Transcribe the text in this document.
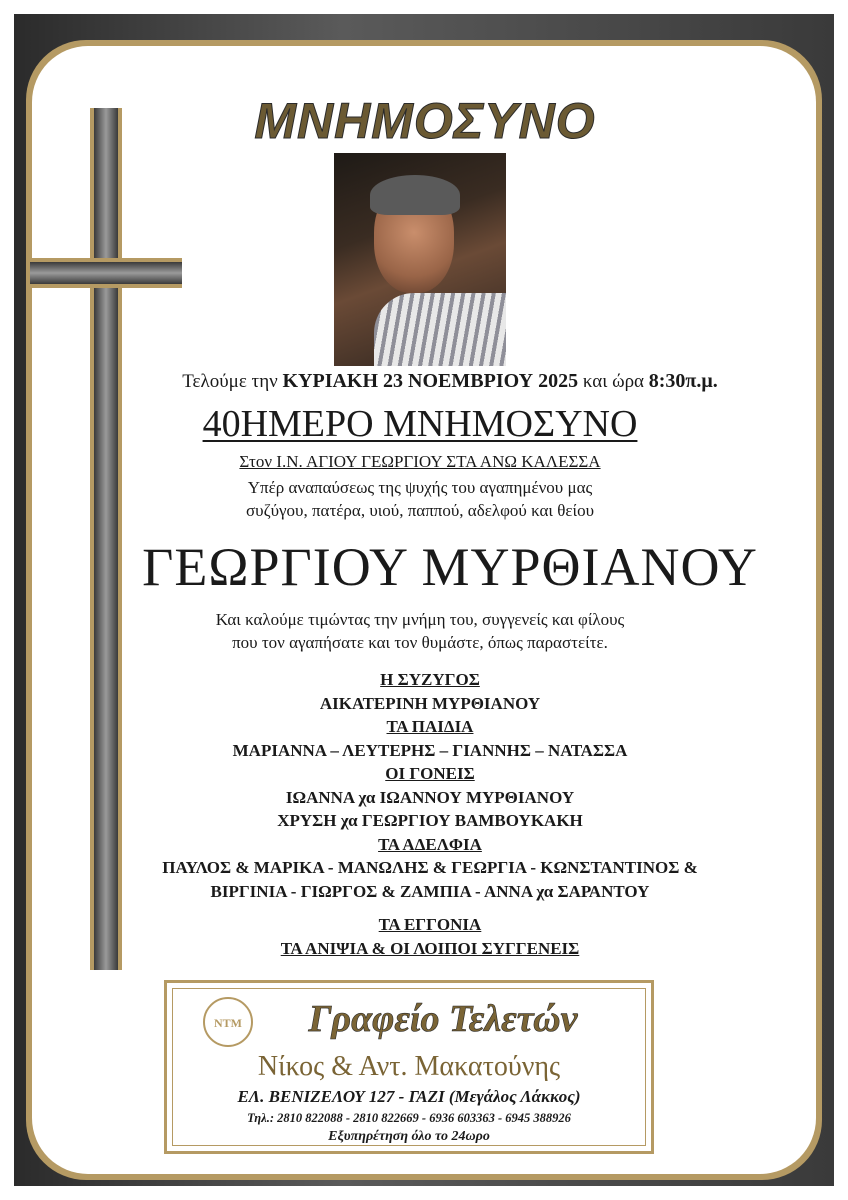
ΜΝΗΜΟΣΥΝΟ
Τελούμε την ΚΥΡΙΑΚΗ 23 ΝΟΕΜΒΡΙΟΥ 2025 και ώρα 8:30π.μ.
40ΗΜΕΡΟ ΜΝΗΜΟΣΥΝΟ
Στον Ι.Ν. ΑΓΙΟΥ ΓΕΩΡΓΙΟΥ ΣΤΑ ΑΝΩ ΚΑΛΕΣΣΑ
Υπέρ αναπαύσεως της ψυχής του αγαπημένου μας
συζύγου, πατέρα, υιού, παππού, αδελφού και θείου
ΓΕΩΡΓΙΟΥ ΜΥΡΘΙΑΝΟΥ
Και καλούμε τιμώντας την μνήμη του, συγγενείς και φίλους
που τον αγαπήσατε και τον θυμάστε, όπως παραστείτε.
Η ΣΥΖΥΓΟΣ
ΑΙΚΑΤΕΡΙΝΗ ΜΥΡΘΙΑΝΟΥ
ΤΑ ΠΑΙΔΙΑ
ΜΑΡΙΑΝΝΑ – ΛΕΥΤΕΡΗΣ – ΓΙΑΝΝΗΣ – ΝΑΤΑΣΣΑ
ΟΙ ΓΟΝΕΙΣ
ΙΩΑΝΝΑ χα ΙΩΑΝΝΟΥ ΜΥΡΘΙΑΝΟΥ
ΧΡΥΣΗ χα ΓΕΩΡΓΙΟΥ ΒΑΜΒΟΥΚΑΚΗ
ΤΑ ΑΔΕΛΦΙΑ
ΠΑΥΛΟΣ & ΜΑΡΙΚΑ - ΜΑΝΩΛΗΣ & ΓΕΩΡΓΙΑ - ΚΩΝΣΤΑΝΤΙΝΟΣ &
ΒΙΡΓΙΝΙΑ - ΓΙΩΡΓΟΣ & ΖΑΜΠΙΑ - ΑΝΝΑ χα ΣΑΡΑΝΤΟΥ
ΤΑ ΕΓΓΟΝΙΑ
ΤΑ ΑΝΙΨΙΑ & ΟΙ ΛΟΙΠΟΙ ΣΥΓΓΕΝΕΙΣ
NTM	Γραφείο Τελετών
Νίκος & Αντ. Μακατούνης
ΕΛ. ΒΕΝΙΖΕΛΟΥ 127 - ΓΑΖΙ (Μεγάλος Λάκκος)
Τηλ.: 2810 822088 - 2810 822669 - 6936 603363 - 6945 388926
Εξυπηρέτηση όλο το 24ωρο
